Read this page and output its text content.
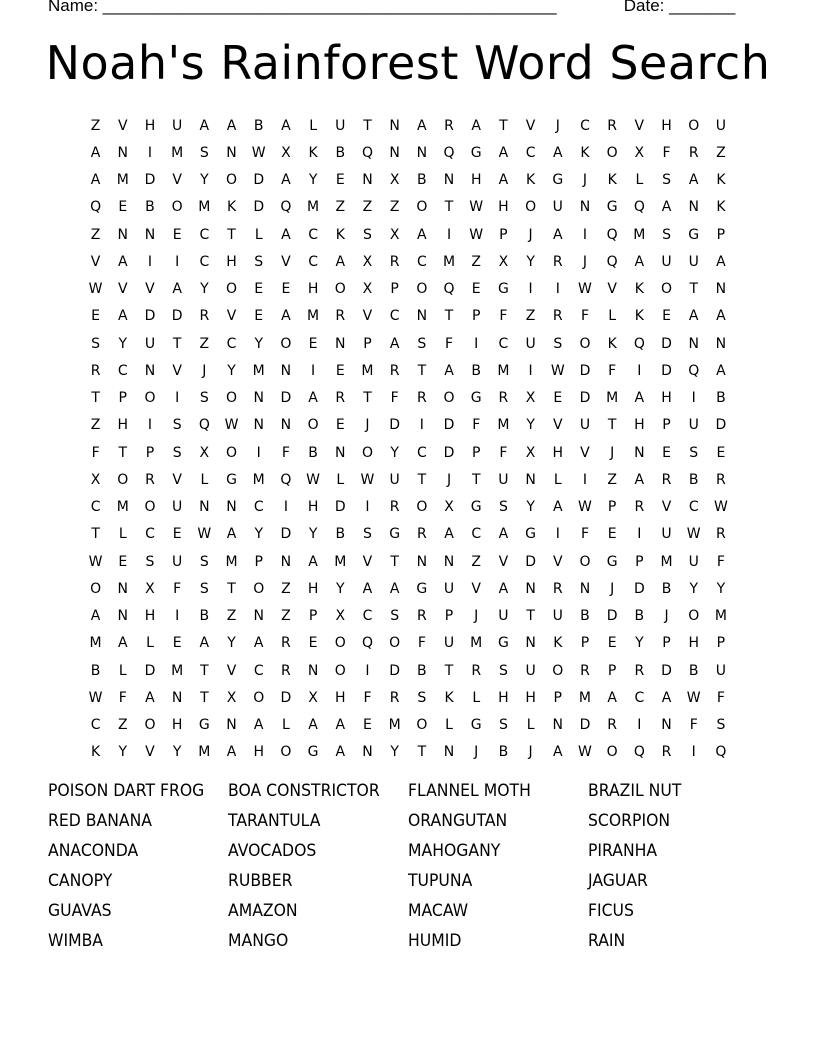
Name: ________________________________________________	Date: _______
Noah's Rainforest Word Search
Z	V	H	U	A	A	B	A	L	U	T	N	A	R	A	T	V	J	C	R	V	H	O	U
A	N	I	M	S	N	W	X	K	B	Q	N	N	Q	G	A	C	A	K	O	X	F	R	Z
A	M	D	V	Y	O	D	A	Y	E	N	X	B	N	H	A	K	G	J	K	L	S	A	K
Q	E	B	O	M	K	D	Q	M	Z	Z	Z	O	T	W	H	O	U	N	G	Q	A	N	K
Z	N	N	E	C	T	L	A	C	K	S	X	A	I	W	P	J	A	I	Q	M	S	G	P
V	A	I	I	C	H	S	V	C	A	X	R	C	M	Z	X	Y	R	J	Q	A	U	U	A
W	V	V	A	Y	O	E	E	H	O	X	P	O	Q	E	G	I	I	W	V	K	O	T	N
E	A	D	D	R	V	E	A	M	R	V	C	N	T	P	F	Z	R	F	L	K	E	A	A
S	Y	U	T	Z	C	Y	O	E	N	P	A	S	F	I	C	U	S	O	K	Q	D	N	N
R	C	N	V	J	Y	M	N	I	E	M	R	T	A	B	M	I	W	D	F	I	D	Q	A
T	P	O	I	S	O	N	D	A	R	T	F	R	O	G	R	X	E	D	M	A	H	I	B
Z	H	I	S	Q	W	N	N	O	E	J	D	I	D	F	M	Y	V	U	T	H	P	U	D
F	T	P	S	X	O	I	F	B	N	O	Y	C	D	P	F	X	H	V	J	N	E	S	E
X	O	R	V	L	G	M	Q	W	L	W	U	T	J	T	U	N	L	I	Z	A	R	B	R
C	M	O	U	N	N	C	I	H	D	I	R	O	X	G	S	Y	A	W	P	R	V	C	W
T	L	C	E	W	A	Y	D	Y	B	S	G	R	A	C	A	G	I	F	E	I	U	W	R
W	E	S	U	S	M	P	N	A	M	V	T	N	N	Z	V	D	V	O	G	P	M	U	F
O	N	X	F	S	T	O	Z	H	Y	A	A	G	U	V	A	N	R	N	J	D	B	Y	Y
A	N	H	I	B	Z	N	Z	P	X	C	S	R	P	J	U	T	U	B	D	B	J	O	M
M	A	L	E	A	Y	A	R	E	O	Q	O	F	U	M	G	N	K	P	E	Y	P	H	P
B	L	D	M	T	V	C	R	N	O	I	D	B	T	R	S	U	O	R	P	R	D	B	U
W	F	A	N	T	X	O	D	X	H	F	R	S	K	L	H	H	P	M	A	C	A	W	F
C	Z	O	H	G	N	A	L	A	A	E	M	O	L	G	S	L	N	D	R	I	N	F	S
K	Y	V	Y	M	A	H	O	G	A	N	Y	T	N	J	B	J	A	W	O	Q	R	I	Q
POISON DART FROG	BOA CONSTRICTOR	FLANNEL MOTH	BRAZIL NUT
RED BANANA	TARANTULA	ORANGUTAN	SCORPION
ANACONDA	AVOCADOS	MAHOGANY	PIRANHA
CANOPY	RUBBER	TUPUNA	JAGUAR
GUAVAS	AMAZON	MACAW	FICUS
WIMBA	MANGO	HUMID	RAIN
